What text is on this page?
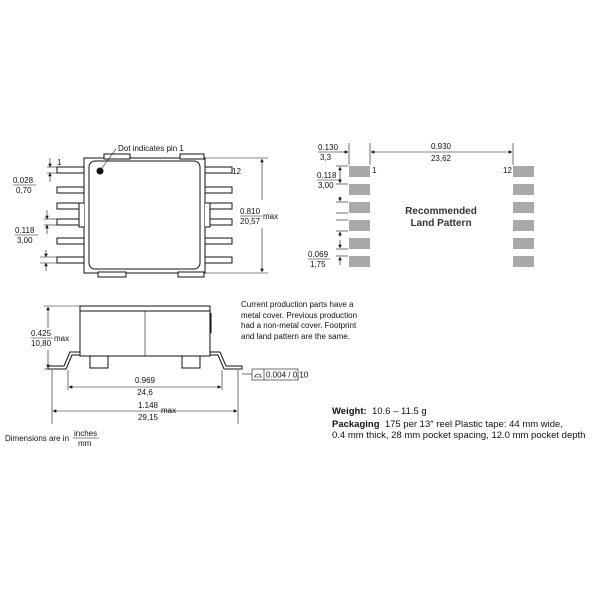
Dot indicates pin 1
1
12
0.028
0,70
0.118
3,00
0.810
20,57
max
1	12
Recommended
Land Pattern
0.130
3,3
0.930
23,62
0.118
3,00
0.069
1,75
0.425
10,80
max
0.969
24,6
1.148
29,15
max
0.004 / 0,10
Dimensions are in
inches
mm
Current production parts have a
metal cover. Previous production
had a non-metal cover. Footprint
and land pattern are the same.
Weight: 10.6 – 11.5 g
Packaging 175 per 13″ reel Plastic tape: 44 mm wide,
0.4 mm thick, 28 mm pocket spacing, 12.0 mm pocket depth
